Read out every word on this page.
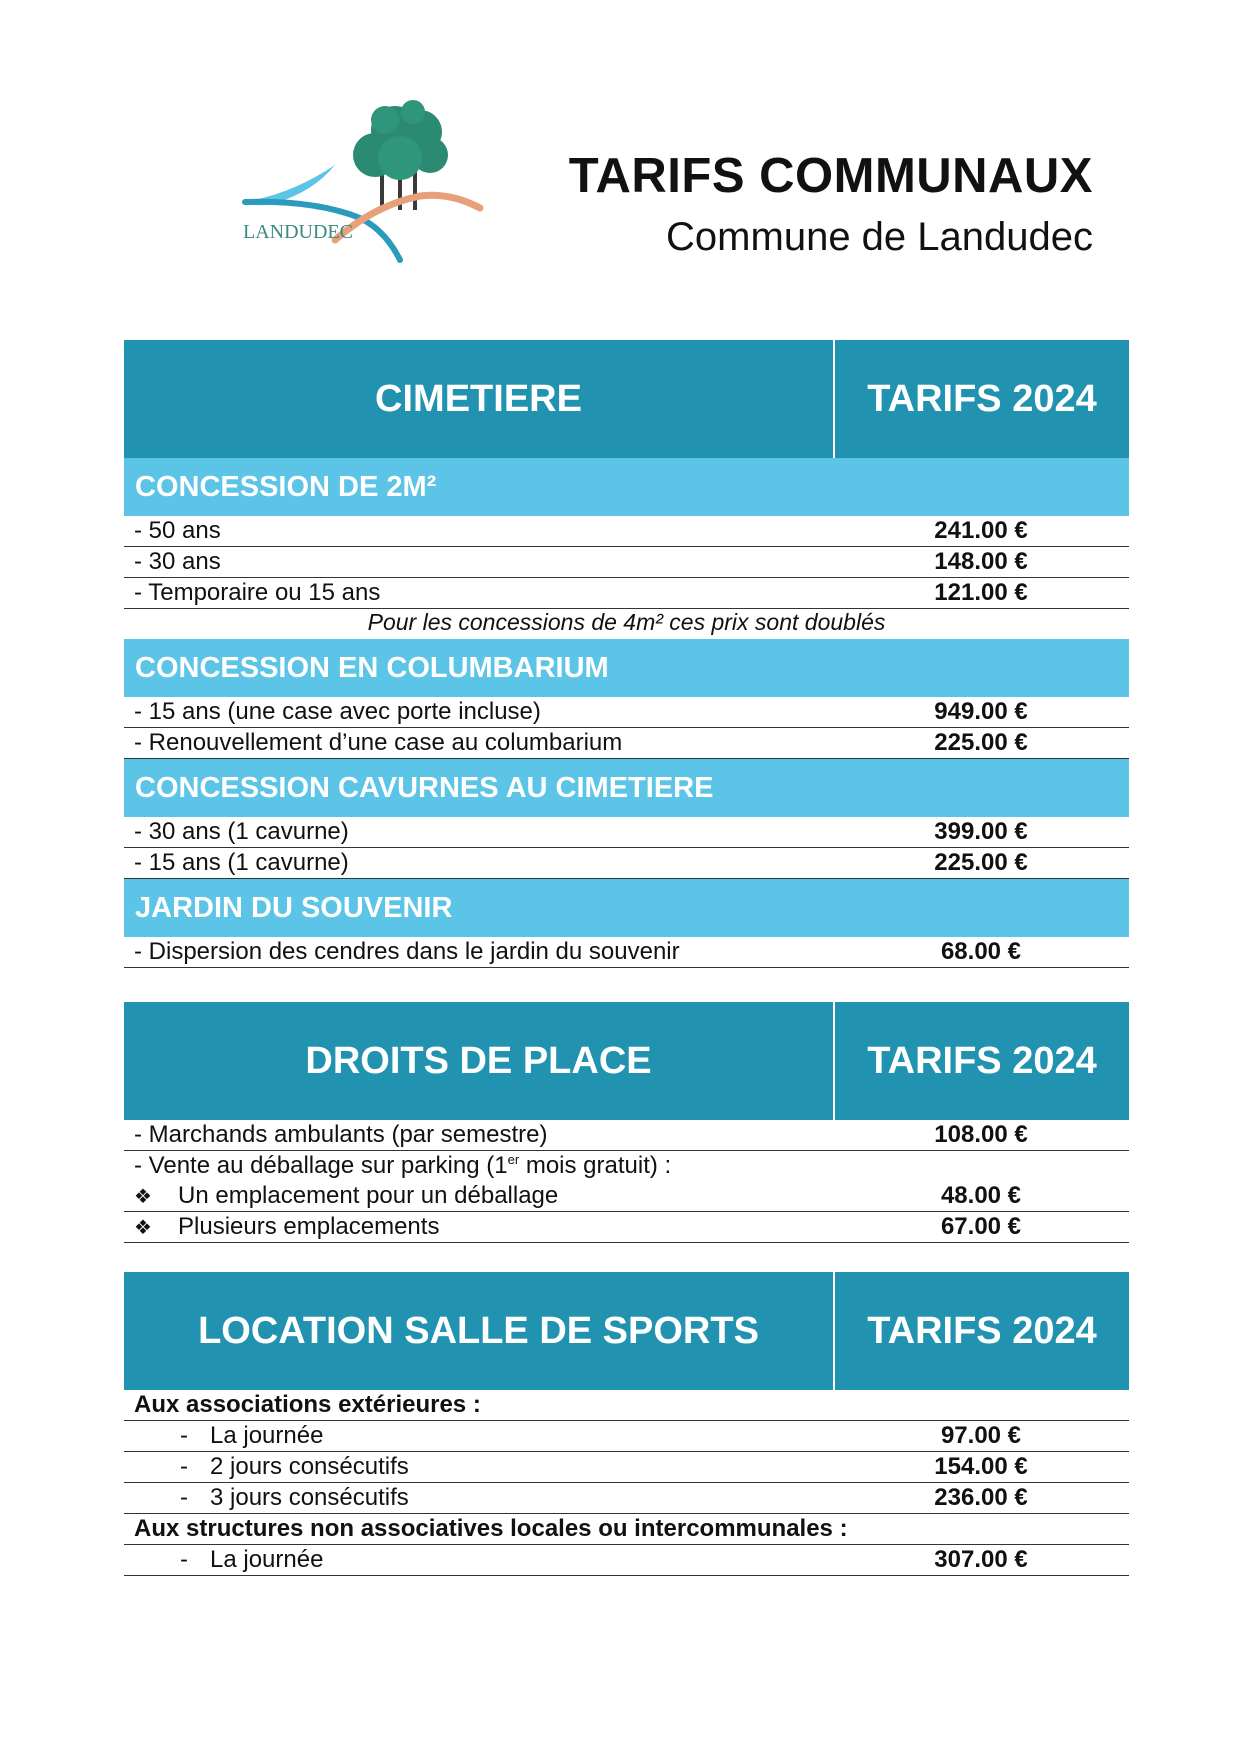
LANDUDEC
TARIFS COMMUNAUX
Commune de Landudec
CIMETIERE	TARIFS 2024
CONCESSION DE 2M²
- 50 ans	241.00 €
- 30 ans	148.00 €
- Temporaire ou 15 ans	121.00 €
Pour les concessions de 4m² ces prix sont doublés
CONCESSION EN COLUMBARIUM
- 15 ans (une case avec porte incluse)	949.00 €
- Renouvellement d’une case au columbarium	225.00 €
CONCESSION CAVURNES AU CIMETIERE
- 30 ans (1 cavurne)	399.00 €
- 15 ans (1 cavurne)	225.00 €
JARDIN DU SOUVENIR
- Dispersion des cendres dans le jardin du souvenir	68.00 €
DROITS DE PLACE	TARIFS 2024
- Marchands ambulants (par semestre)	108.00 €
- Vente au déballage sur parking (1er mois gratuit) :
❖ Un emplacement pour un déballage	48.00 €
❖ Plusieurs emplacements	67.00 €
LOCATION SALLE DE SPORTS	TARIFS 2024
Aux associations extérieures :
- La journée	97.00 €
- 2 jours consécutifs	154.00 €
- 3 jours consécutifs	236.00 €
Aux structures non associatives locales ou intercommunales :
- La journée	307.00 €
